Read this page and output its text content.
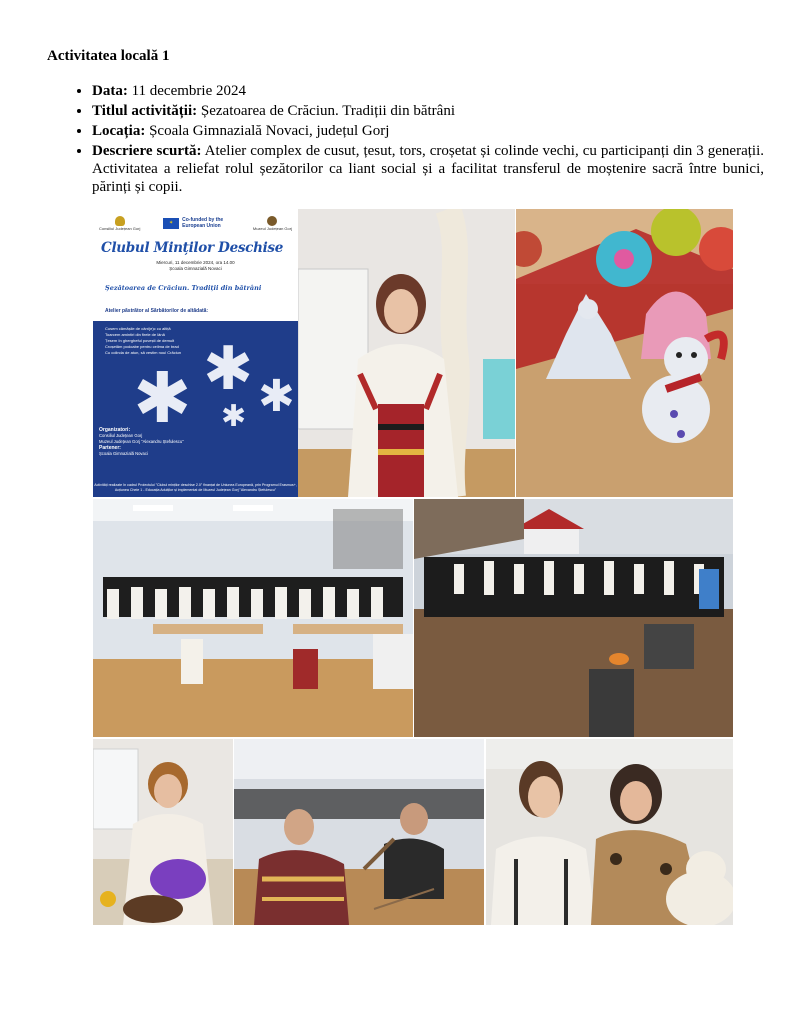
Activitatea locală 1
• Data: 11 decembrie 2024
• Titlul activității: Șezatoarea de Crăciun. Tradiții din bătrâni
• Locația: Școala Gimnazială Novaci, județul Gorj
• Descriere scurtă: Atelier complex de cusut, țesut, tors, croșetat și colinde vechi, cu participanți din 3 generații. Activitatea a reliefat rolul șezătorilor ca liant social și a facilitat transferul de moștenire sacră între bunici, părinți și copii.
Consiliul Județean Gorj
✶
Co-funded by the European Union	Muzeul Județean Gorj
Clubul Minților Deschise
Miercuri, 11 decembrie 2024, ora 14.00
Școala Gimnazială Novaci
Șezătoarea de Crăciun. Tradiții din bătrâni
Atelier păstrător al Sărbătorilor de altădată:
Cusem cămășile de cânt(e)c cu altiță
Toarcem amintiri din firele de lână
Țesem în ghergheful povești de demult
Croșetăm podoabe pentru ceilma de brad
Cu colinda de atun, să vestim noul Crăciun
✱ ✱ ✱
✱
Organizatori:
Consiliul Județean Gorj
Muzeul Județean Gorj "Alexandru Ștefulescu"
Partener:
Școala Gimnazială Novaci
Activități realizate în cadrul Proiectului "Clubul minților deschise 2.0" finanțat de Uniunea Europeană, prin Programul Erasmus+, Acțiunea Cheie 1 - Educația Adulților și implementat de Muzeul Județean Gorj "Alexandru Ștefulescu"
